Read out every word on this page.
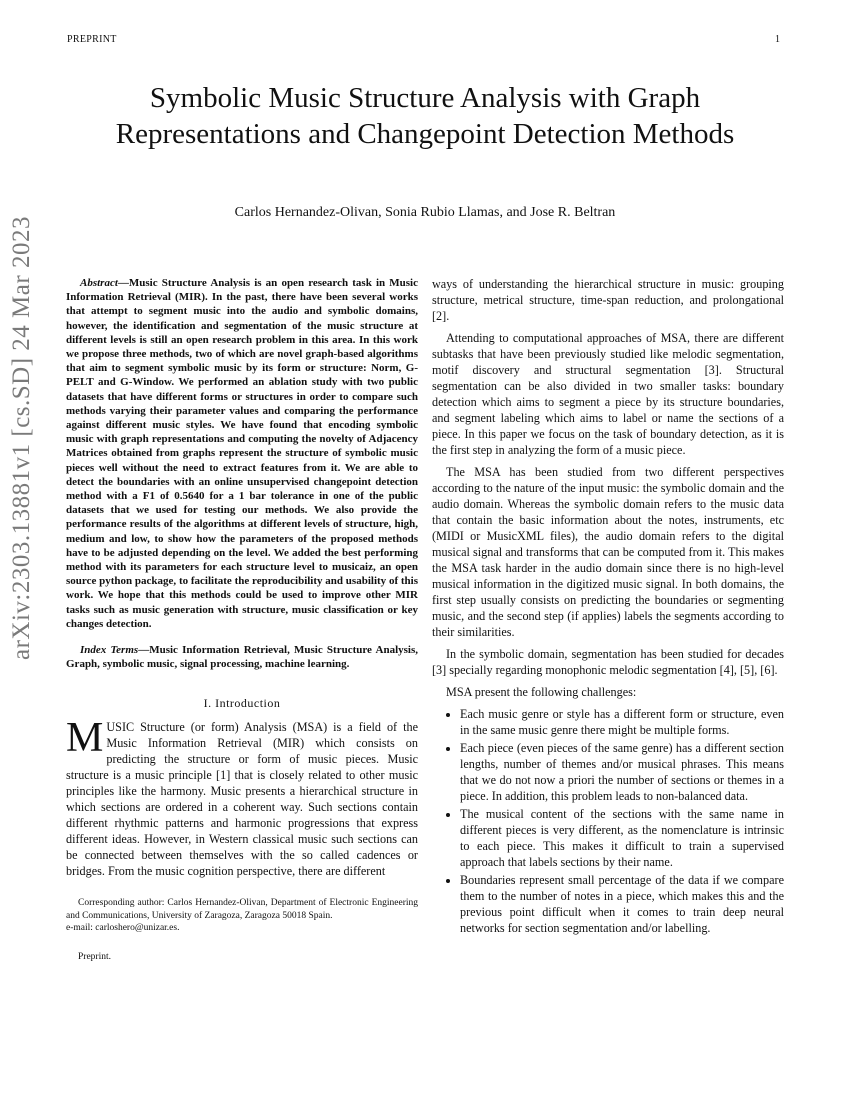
PREPRINT	1
arXiv:2303.13881v1 [cs.SD] 24 Mar 2023
Symbolic Music Structure Analysis with Graph Representations and Changepoint Detection Methods
Carlos Hernandez-Olivan, Sonia Rubio Llamas, and Jose R. Beltran

Abstract—Music Structure Analysis is an open research task in Music Information Retrieval (MIR). In the past, there have been several works that attempt to segment music into the audio and symbolic domains, however, the identification and segmentation of the music structure at different levels is still an open research problem in this area. In this work we propose three methods, two of which are novel graph-based algorithms that aim to segment symbolic music by its form or structure: Norm, G-PELT and G-Window. We performed an ablation study with two public datasets that have different forms or structures in order to compare such methods varying their parameter values and comparing the performance against different music styles. We have found that encoding symbolic music with graph representations and computing the novelty of Adjacency Matrices obtained from graphs represent the structure of symbolic music pieces well without the need to extract features from it. We are able to detect the boundaries with an online unsupervised changepoint detection method with a F1 of 0.5640 for a 1 bar tolerance in one of the public datasets that we used for testing our methods. We also provide the performance results of the algorithms at different levels of structure, high, medium and low, to show how the parameters of the proposed methods have to be adjusted depending on the level. We added the best performing method with its parameters for each structure level to musicaiz, an open source python package, to facilitate the reproducibility and usability of this work. We hope that this methods could be used to improve other MIR tasks such as music generation with structure, music classification or key changes detection.

Index Terms—Music Information Retrieval, Music Structure Analysis, Graph, symbolic music, signal processing, machine learning.

I. Introduction

MUSIC Structure (or form) Analysis (MSA) is a field of the Music Information Retrieval (MIR) which consists on predicting the structure or form of music pieces. Music structure is a music principle [1] that is closely related to other music principles like the harmony. Music presents a hierarchical structure in which sections are ordered in a coherent way. Such sections contain different rhythmic patterns and harmonic progressions that express different ideas. However, in Western classical music such sections can be connected between themselves with the so called cadences or bridges. From the music cognition perspective, there are different

Corresponding author: Carlos Hernandez-Olivan, Department of Electronic Engineering and Communications, University of Zaragoza, Zaragoza 50018 Spain.
e-mail: carloshero@unizar.es.
Preprint.

ways of understanding the hierarchical structure in music: grouping structure, metrical structure, time-span reduction, and prolongational [2].

Attending to computational approaches of MSA, there are different subtasks that have been previously studied like melodic segmentation, motif discovery and structural segmentation [3]. Structural segmentation can be also divided in two smaller tasks: boundary detection which aims to segment a piece by its structure boundaries, and segment labeling which aims to label or name the sections of a piece. In this paper we focus on the task of boundary detection, as it is the first step in analyzing the form of a music piece.

The MSA has been studied from two different perspectives according to the nature of the input music: the symbolic domain and the audio domain. Whereas the symbolic domain refers to the music data that contain the basic information about the notes, instruments, etc (MIDI or MusicXML files), the audio domain refers to the digital musical signal and transforms that can be computed from it. This makes the MSA task harder in the audio domain since there is no high-level musical information in the digitized music signal. In both domains, the first step usually consists on predicting the boundaries or segmenting music, and the second step (if applies) labels the segments according to their similarities.

In the symbolic domain, segmentation has been studied for decades [3] specially regarding monophonic melodic segmentation [4], [5], [6].

MSA present the following challenges:

• Each music genre or style has a different form or structure, even in the same music genre there might be multiple forms.
• Each piece (even pieces of the same genre) has a different section lengths, number of themes and/or musical phrases. This means that we do not now a priori the number of sections or themes in a piece. In addition, this problem leads to non-balanced data.
• The musical content of the sections with the same name in different pieces is very different, as the nomenclature is intrinsic to each piece. This makes it difficult to train a supervised approach that labels sections by their name.
• Boundaries represent small percentage of the data if we compare them to the number of notes in a piece, which makes this and the previous point difficult when it comes to train deep neural networks for section segmentation and/or labelling.
